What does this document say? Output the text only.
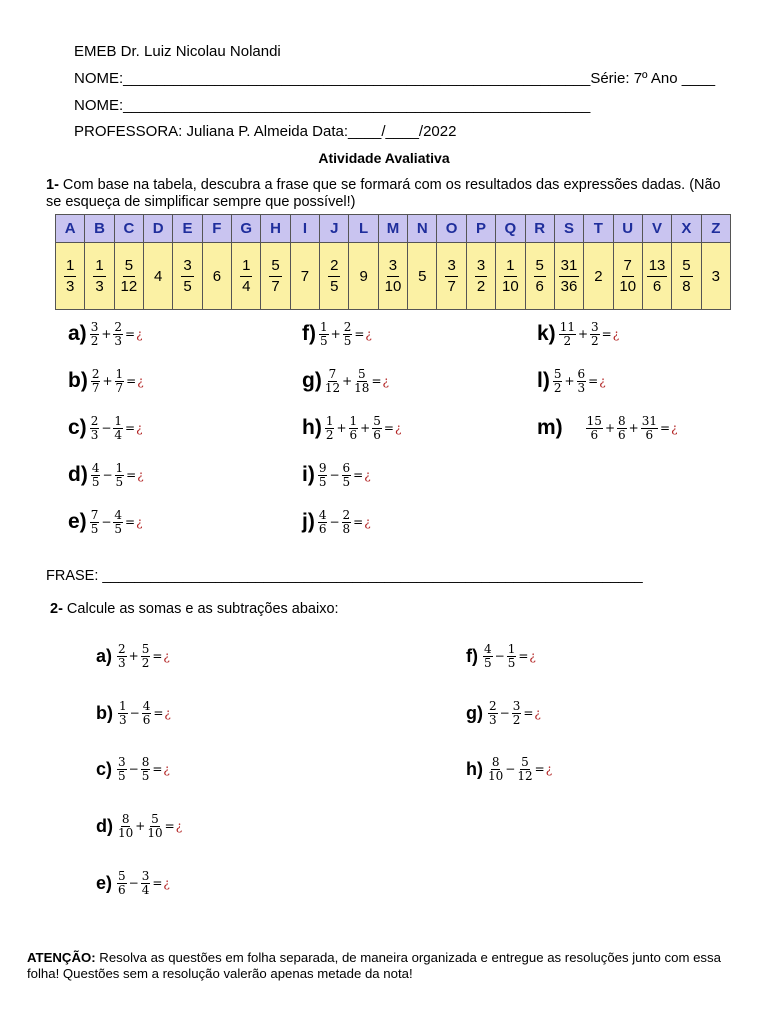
EMEB Dr. Luiz Nicolau Nolandi
NOME:________________________________________________________Série: 7º Ano ____
NOME:________________________________________________________
PROFESSORA: Juliana P. Almeida Data:____/____/2022
Atividade Avaliativa
1- Com base na tabela, descubra a frase que se formará com os resultados das expressões dadas. (Não se esqueça de simplificar sempre que possível!)
A	B	C	D	E	F	G	H	I	J	L	M	N	O	P	Q	R	S	T	U	V	X	Z

$\frac{1}{3}$	$\frac{1}{3}$	$\frac{5}{12}$	4	$\frac{3}{5}$	6	$\frac{1}{4}$	$\frac{5}{7}$	7	$\frac{2}{5}$	9	$\frac{3}{10}$	5	$\frac{3}{7}$	$\frac{3}{2}$	$\frac{1}{10}$	$\frac{5}{6}$	$\frac{31}{36}$	2	$\frac{7}{10}$	$\frac{13}{6}$	$\frac{5}{8}$	3
$a) \frac{3}{2} + \frac{2}{3}$ = ¿
$b) \frac{2}{7} + \frac{1}{7}$ = ¿
$c) \frac{2}{3} - \frac{1}{4}$ = ¿
$d) \frac{4}{5} - \frac{1}{5}$ = ¿
$e) \frac{7}{5} - \frac{4}{5}$ = ¿
$f) \frac{1}{5} + \frac{2}{5}$ = ¿
$g) \frac{7}{12} + \frac{5}{18}$ = ¿
$h) \frac{1}{2} + \frac{1}{6} + \frac{5}{6}$ = ¿
$i) \frac{9}{5} - \frac{6}{5}$ = ¿
$j) \frac{4}{6} - \frac{2}{8}$ = ¿
$k) \frac{11}{2} + \frac{3}{2}$ = ¿
$l) \frac{5}{2} + \frac{6}{3}$ = ¿
$m) \frac{15}{6} + \frac{8}{6} + \frac{31}{6}$ = ¿
FRASE: ___________________________________________________________________
2- Calcule as somas e as subtrações abaixo:
$a) \frac{2}{3} + \frac{5}{2}$ = ¿
$b) \frac{1}{3} - \frac{4}{6}$ = ¿
$c) \frac{3}{5} - \frac{8}{5}$ = ¿
$d) \frac{8}{10} + \frac{5}{10}$ = ¿
$e) \frac{5}{6} - \frac{3}{4}$ = ¿
$f) \frac{4}{5} - \frac{1}{5}$ = ¿
$g) \frac{2}{3} - \frac{3}{2}$ = ¿
$h) \frac{8}{10} - \frac{5}{12}$ = ¿
ATENÇÃO: Resolva as questões em folha separada, de maneira organizada e entregue as resoluções junto com essa folha! Questões sem a resolução valerão apenas metade da nota!
